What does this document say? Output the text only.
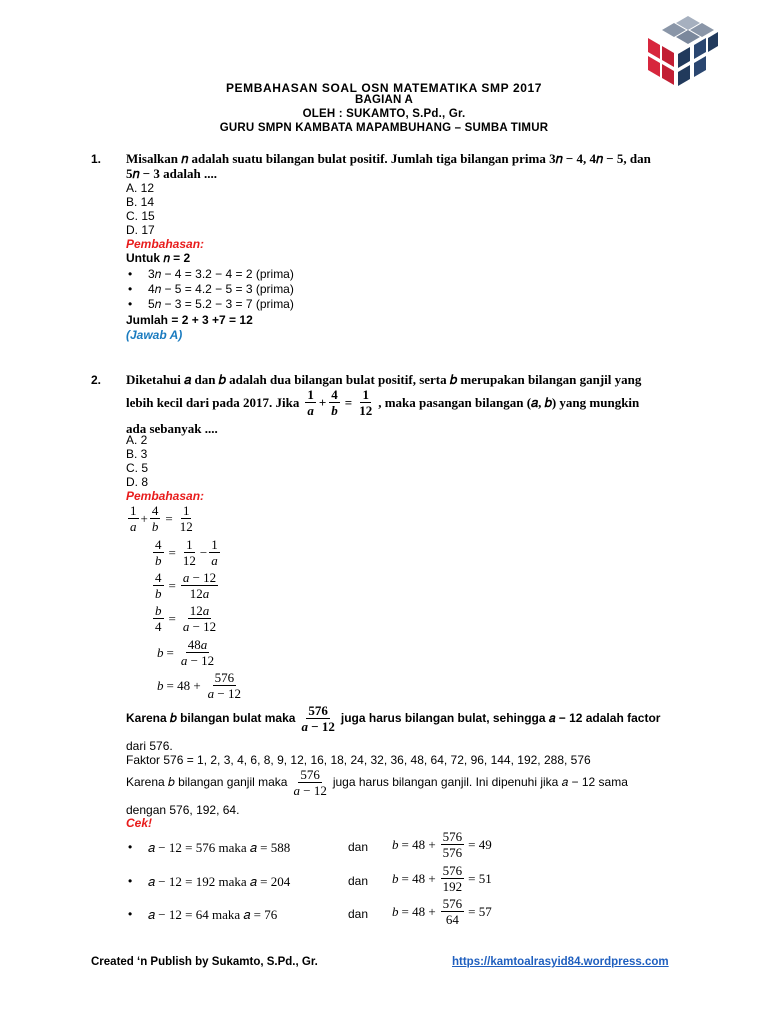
PEMBAHASAN SOAL OSN MATEMATIKA SMP 2017
BAGIAN A
OLEH : SUKAMTO, S.Pd., Gr.
GURU SMPN KAMBATA MAPAMBUHANG – SUMBA TIMUR
1. Misalkan 𝑛 adalah suatu bilangan bulat positif. Jumlah tiga bilangan prima 3𝑛 − 4, 4𝑛 − 5, dan
5𝑛 − 3 adalah ....
A. 12
B. 14
C. 15
D. 17
Pembahasan:
Untuk 𝑛 = 2
• 3𝑛 − 4 = 3.2 − 4 = 2 (prima)
• 4𝑛 − 5 = 4.2 − 5 = 3 (prima)
• 5𝑛 − 3 = 5.2 − 3 = 7 (prima)
Jumlah = 2 + 3 +7 = 12
(Jawab A)
2. Diketahui 𝑎 dan 𝑏 adalah dua bilangan bulat positif, serta 𝑏 merupakan bilangan ganjil yang
lebih kecil dari pada 2017. Jika $\frac{1}{a} + \frac{4}{b} = \frac{1}{12}$ , maka pasangan bilangan (𝑎, 𝑏) yang mungkin
ada sebanyak ....
A. 2
B. 3
C. 5
D. 8
Pembahasan:
$\frac{1}{a} + \frac{4}{b} = \frac{1}{12}$
$\frac{4}{b} = \frac{1}{12} - \frac{1}{a}$
$\frac{4}{b} = \frac{a - 12}{12a}$
$\frac{b}{4} = \frac{12a}{a - 12}$
$b = \frac{48a}{a - 12}$
$b = 48 + \frac{576}{a - 12}$
Karena 𝑏 bilangan bulat maka $\frac{576}{a - 12}$ juga harus bilangan bulat, sehingga 𝑎 − 12 adalah factor
dari 576.
Faktor 576 = 1, 2, 3, 4, 6, 8, 9, 12, 16, 18, 24, 32, 36, 48, 64, 72, 96, 144, 192, 288, 576
Karena 𝑏 bilangan ganjil maka $\frac{576}{a - 12}$ juga harus bilangan ganjil. Ini dipenuhi jika 𝑎 − 12 sama
dengan 576, 192, 64.
Cek!
• 𝑎 − 12 = 576 maka 𝑎 = 588	dan $b = 48 + \frac{576}{576} = 49$
• 𝑎 − 12 = 192 maka 𝑎 = 204	dan $b = 48 + \frac{576}{192} = 51$
• 𝑎 − 12 = 64 maka 𝑎 = 76	dan $b = 48 + \frac{576}{64} = 57$
Created ‘n Publish by Sukamto, S.Pd., Gr.	https://kamtoalrasyid84.wordpress.com
